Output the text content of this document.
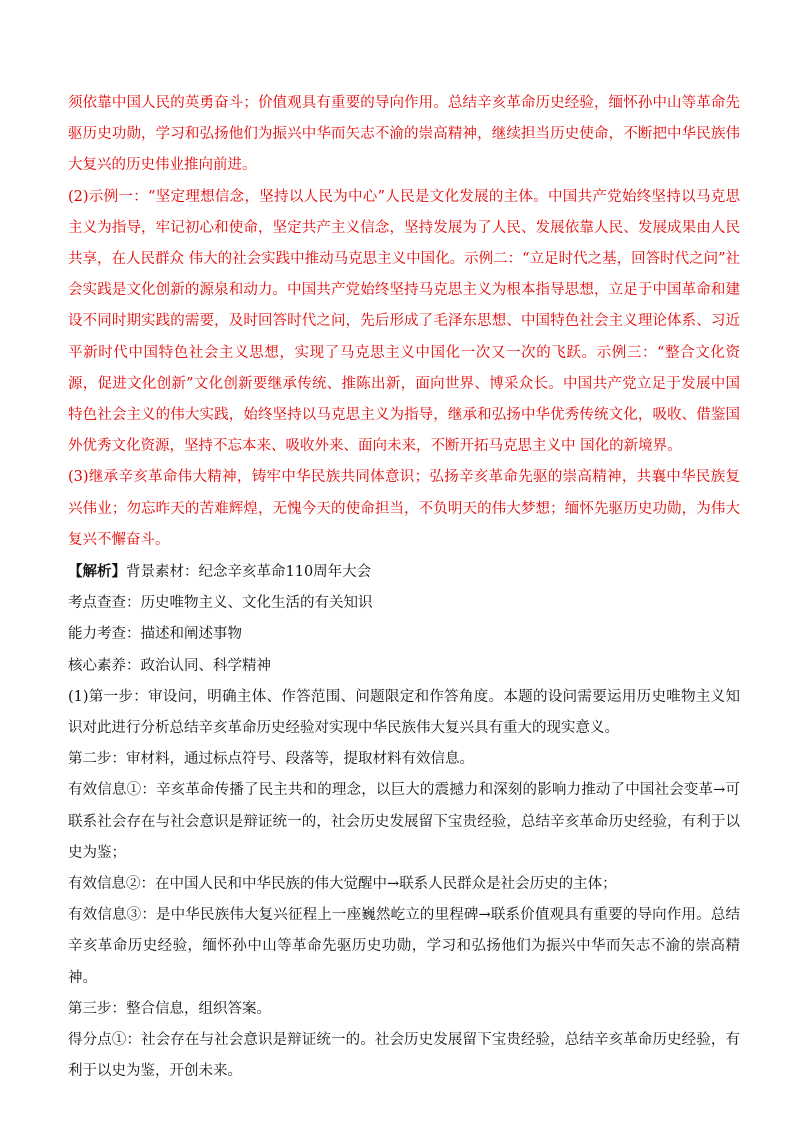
须依靠中国人民的英勇奋斗；价值观具有重要的导向作用。总结辛亥革命历史经验，缅怀孙中山等革命先驱历史功勋，学习和弘扬他们为振兴中华而矢志不渝的崇高精神，继续担当历史使命，不断把中华民族伟大复兴的历史伟业推向前进。

(2)示例一：“坚定理想信念，坚持以人民为中心”人民是文化发展的主体。中国共产党始终坚持以马克思主义为指导，牢记初心和使命，坚定共产主义信念，坚持发展为了人民、发展依靠人民、发展成果由人民共享，在人民群众 伟大的社会实践中推动马克思主义中国化。示例二：“立足时代之基，回答时代之问”社会实践是文化创新的源泉和动力。中国共产党始终坚持马克思主义为根本指导思想，立足于中国革命和建设不同时期实践的需要，及时回答时代之问，先后形成了毛泽东思想、中国特色社会主义理论体系、习近平新时代中国特色社会主义思想，实现了马克思主义中国化一次又一次的飞跃。示例三：“整合文化资源，促进文化创新”文化创新要继承传统、推陈出新，面向世界、博采众长。中国共产党立足于发展中国特色社会主义的伟大实践，始终坚持以马克思主义为指导，继承和弘扬中华优秀传统文化，吸收、借鉴国外优秀文化资源，坚持不忘本来、吸收外来、面向未来，不断开拓马克思主义中 国化的新境界。

(3)继承辛亥革命伟大精神，铸牢中华民族共同体意识；弘扬辛亥革命先驱的崇高精神，共襄中华民族复兴伟业；勿忘昨天的苦难辉煌，无愧今天的使命担当，不负明天的伟大梦想；缅怀先驱历史功勋，为伟大复兴不懈奋斗。

【解析】背景素材：纪念辛亥革命110周年大会

考点查查：历史唯物主义、文化生活的有关知识

能力考查：描述和阐述事物

核心素养：政治认同、科学精神

(1)第一步：审设问，明确主体、作答范围、问题限定和作答角度。本题的设问需要运用历史唯物主义知识对此进行分析总结辛亥革命历史经验对实现中华民族伟大复兴具有重大的现实意义。

第二步：审材料，通过标点符号、段落等，提取材料有效信息。

有效信息①：辛亥革命传播了民主共和的理念，以巨大的震撼力和深刻的影响力推动了中国社会变革→可联系社会存在与社会意识是辩证统一的，社会历史发展留下宝贵经验，总结辛亥革命历史经验，有利于以史为鉴；

有效信息②：在中国人民和中华民族的伟大觉醒中→联系人民群众是社会历史的主体；

有效信息③：是中华民族伟大复兴征程上一座巍然屹立的里程碑→联系价值观具有重要的导向作用。总结辛亥革命历史经验，缅怀孙中山等革命先驱历史功勋，学习和弘扬他们为振兴中华而矢志不渝的崇高精神。

第三步：整合信息，组织答案。

得分点①：社会存在与社会意识是辩证统一的。社会历史发展留下宝贵经验，总结辛亥革命历史经验，有利于以史为鉴，开创未来。
